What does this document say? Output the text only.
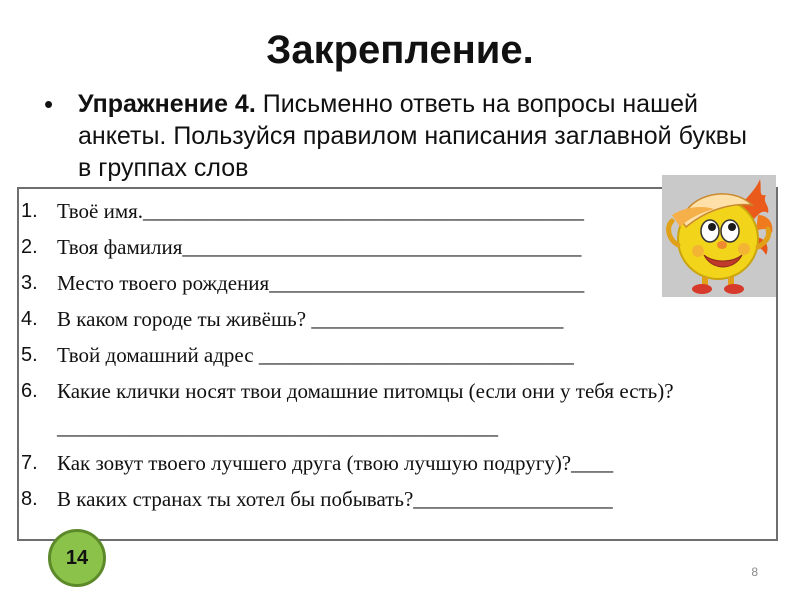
Закрепление.
• Упражнение 4. Письменно ответь на вопросы нашей анкеты. Пользуйся правилом написания заглавной буквы в группах слов
1. Твоё имя.__________________________________________
2. Твоя фамилия______________________________________
3. Место твоего рождения______________________________
4. В каком городе ты живёшь? ________________________
5. Твой домашний адрес ______________________________
6. Какие клички носят твои домашние питомцы (если они у тебя есть)?__________________________________________
7. Как зовут твоего лучшего друга (твою лучшую подругу)?____
8. В каких странах ты хотел бы побывать?___________________
14
8
